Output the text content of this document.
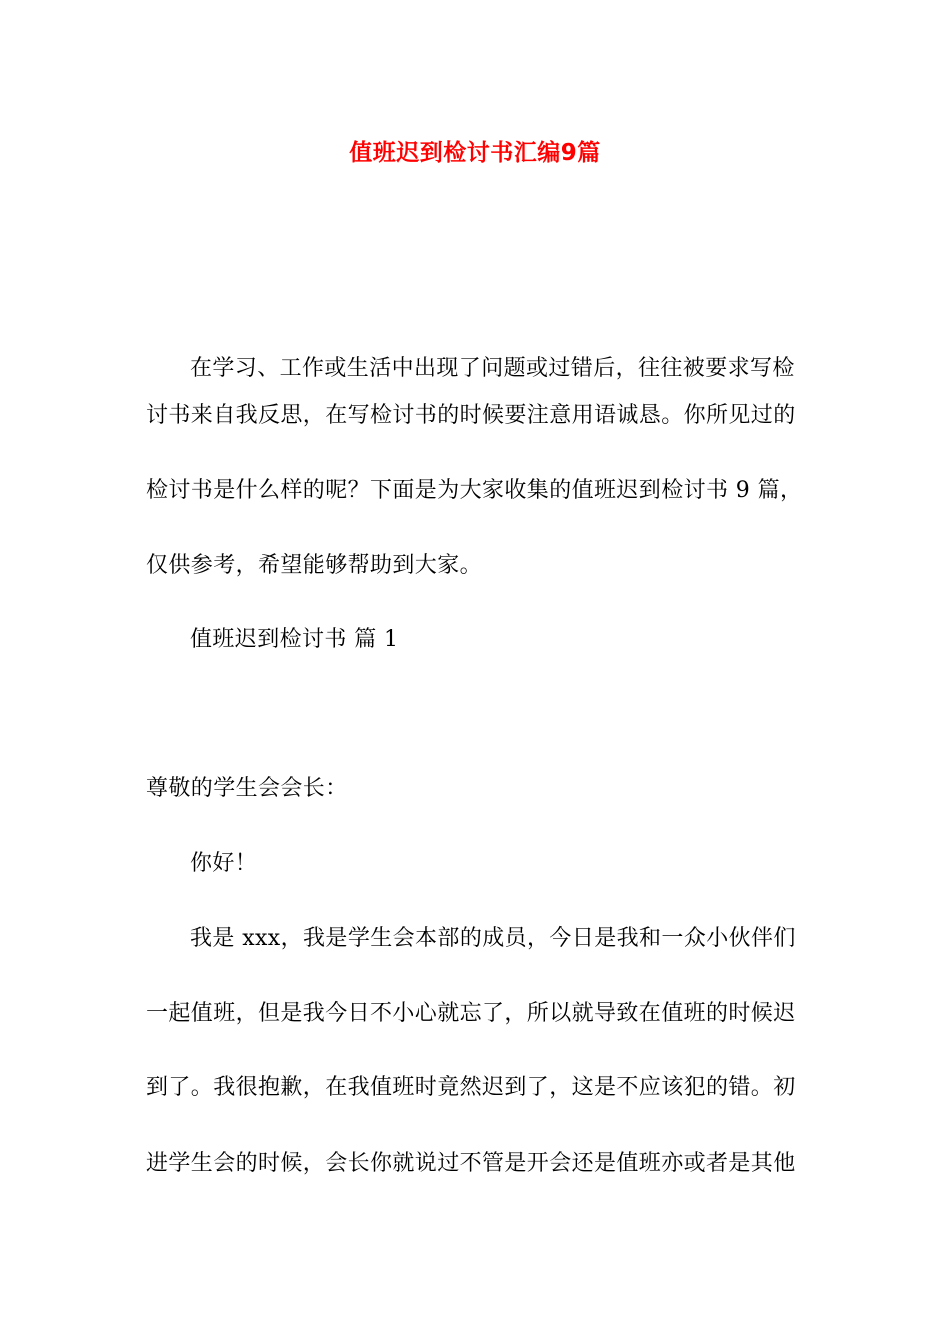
值班迟到检讨书汇编9篇
在学习、工作或生活中出现了问题或过错后，往往被要求写检
讨书来自我反思，在写检讨书的时候要注意用语诚恳。你所见过的
检讨书是什么样的呢？下面是为大家收集的值班迟到检讨书 9 篇，
仅供参考，希望能够帮助到大家。
值班迟到检讨书 篇 1
尊敬的学生会会长：
你好！
我是 xxx，我是学生会本部的成员，今日是我和一众小伙伴们
一起值班，但是我今日不小心就忘了，所以就导致在值班的时候迟
到了。我很抱歉，在我值班时竟然迟到了，这是不应该犯的错。初
进学生会的时候，会长你就说过不管是开会还是值班亦或者是其他
